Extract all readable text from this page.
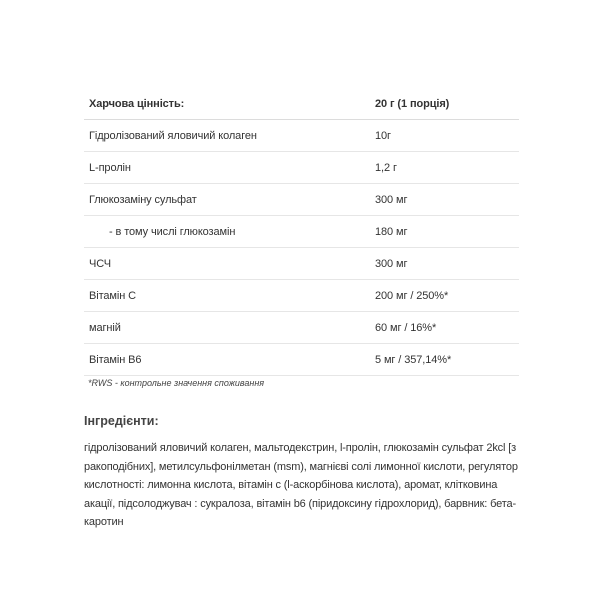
Харчова цінність:	20 г (1 порція)
Гідролізований яловичий колаген	10г
L-пролін	1,2 г
Глюкозаміну сульфат	300 мг
- в тому числі глюкозамін	180 мг
ЧСЧ	300 мг
Вітамін С	200 мг / 250%*
магній	60 мг / 16%*
Вітамін В6	5 мг / 357,14%*
*RWS - контрольне значення споживання
Інгредієнти:
гідролізований яловичий колаген, мальтодекстрин, l-пролін, глюкозамін сульфат 2kcl [з ракоподібних], метилсульфонілметан (msm), магнієві солі лимонної кислоти, регулятор кислотності: лимонна кислота, вітамін с (l-аскорбінова кислота), аромат, клітковина акації, підсолоджувач : сукралоза, вітамін b6 (піридоксину гідрохлорид), барвник: бета-каротин
